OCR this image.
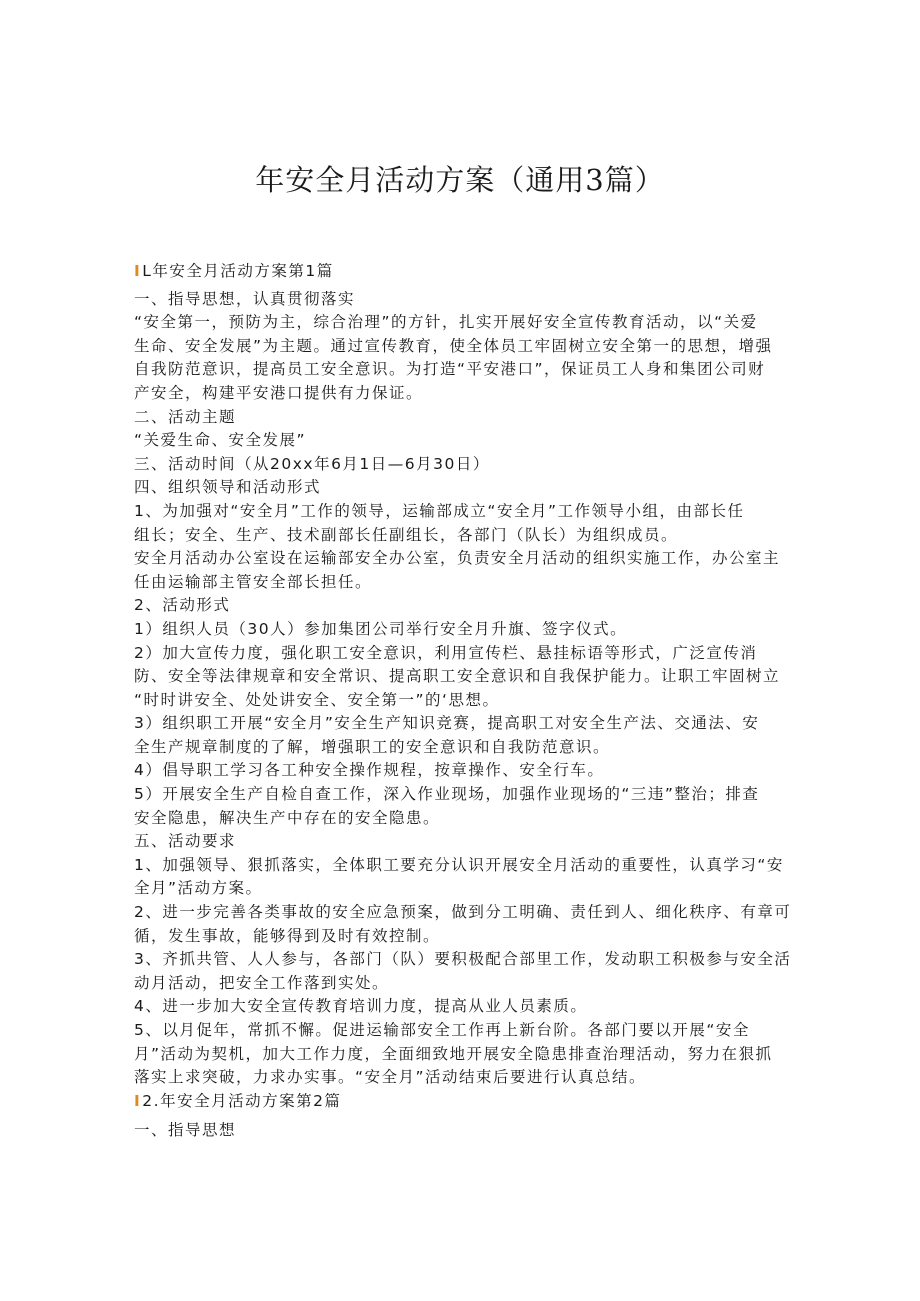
年安全月活动方案（通用3篇）
IL年安全月活动方案第1篇
一、指导思想，认真贯彻落实
“安全第一，预防为主，综合治理”的方针，扎实开展好安全宣传教育活动，以“关爱
生命、安全发展”为主题。通过宣传教育，使全体员工牢固树立安全第一的思想，增强
自我防范意识，提高员工安全意识。为打造“平安港口”，保证员工人身和集团公司财
产安全，构建平安港口提供有力保证。
二、活动主题
“关爱生命、安全发展”
三、活动时间（从20xx年6月1日—6月30日）
四、组织领导和活动形式
1、为加强对“安全月”工作的领导，运输部成立“安全月”工作领导小组，由部长任
组长；安全、生产、技术副部长任副组长，各部门（队长）为组织成员。
安全月活动办公室设在运输部安全办公室，负责安全月活动的组织实施工作，办公室主
任由运输部主管安全部长担任。
2、活动形式
1）组织人员（30人）参加集团公司举行安全月升旗、签字仪式。
2）加大宣传力度，强化职工安全意识，利用宣传栏、悬挂标语等形式，广泛宣传消
防、安全等法律规章和安全常识、提高职工安全意识和自我保护能力。让职工牢固树立
“时时讲安全、处处讲安全、安全第一”的‘思想。
3）组织职工开展“安全月”安全生产知识竞赛，提高职工对安全生产法、交通法、安
全生产规章制度的了解，增强职工的安全意识和自我防范意识。
4）倡导职工学习各工种安全操作规程，按章操作、安全行车。
5）开展安全生产自检自查工作，深入作业现场，加强作业现场的“三违”整治；排查
安全隐患，解决生产中存在的安全隐患。
五、活动要求
1、加强领导、狠抓落实，全体职工要充分认识开展安全月活动的重要性，认真学习“安
全月”活动方案。
2、进一步完善各类事故的安全应急预案，做到分工明确、责任到人、细化秩序、有章可
循，发生事故，能够得到及时有效控制。
3、齐抓共管、人人参与，各部门（队）要积极配合部里工作，发动职工积极参与安全活
动月活动，把安全工作落到实处。
4、进一步加大安全宣传教育培训力度，提高从业人员素质。
5、以月促年，常抓不懈。促进运输部安全工作再上新台阶。各部门要以开展“安全
月”活动为契机，加大工作力度，全面细致地开展安全隐患排查治理活动，努力在狠抓
落实上求突破，力求办实事。“安全月”活动结束后要进行认真总结。
I2.年安全月活动方案第2篇
一、指导思想
